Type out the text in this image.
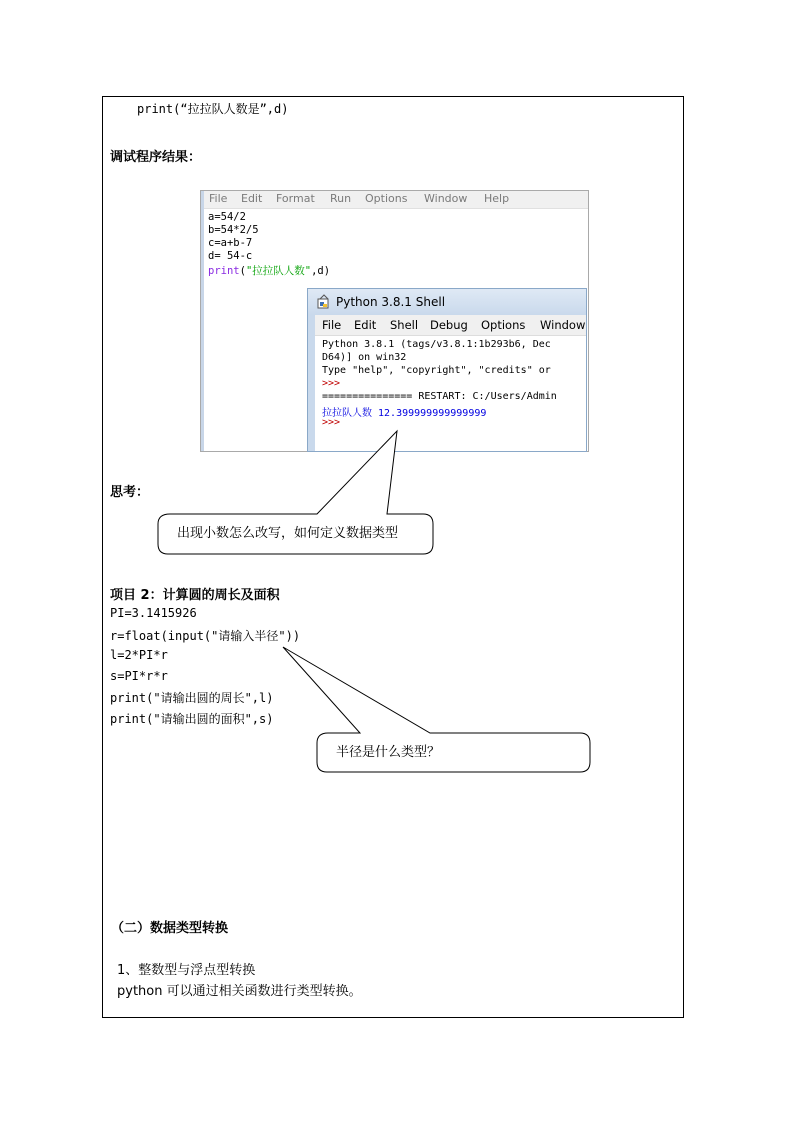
print(“拉拉队人数是”,d)
调试程序结果：
File Edit Format Run Options Window Help
a=54/2
b=54*2/5
c=a+b-7
d= 54-c
print("拉拉队人数",d)
Python 3.8.1 Shell
File Edit Shell Debug Options Window
Python 3.8.1 (tags/v3.8.1:1b293b6, Dec
D64)] on win32
Type "help", "copyright", "credits" or
>>>
=============== RESTART: C:/Users/Admin
拉拉队人数 12.399999999999999
>>>
思考：
出现小数怎么改写，如何定义数据类型
项目 2：计算圆的周长及面积
PI=3.1415926
r=float(input("请输入半径"))
l=2*PI*r
s=PI*r*r
print("请输出圆的周长",l)
print("请输出圆的面积",s)
半径是什么类型？
（二）数据类型转换
1、整数型与浮点型转换
python 可以通过相关函数进行类型转换。
